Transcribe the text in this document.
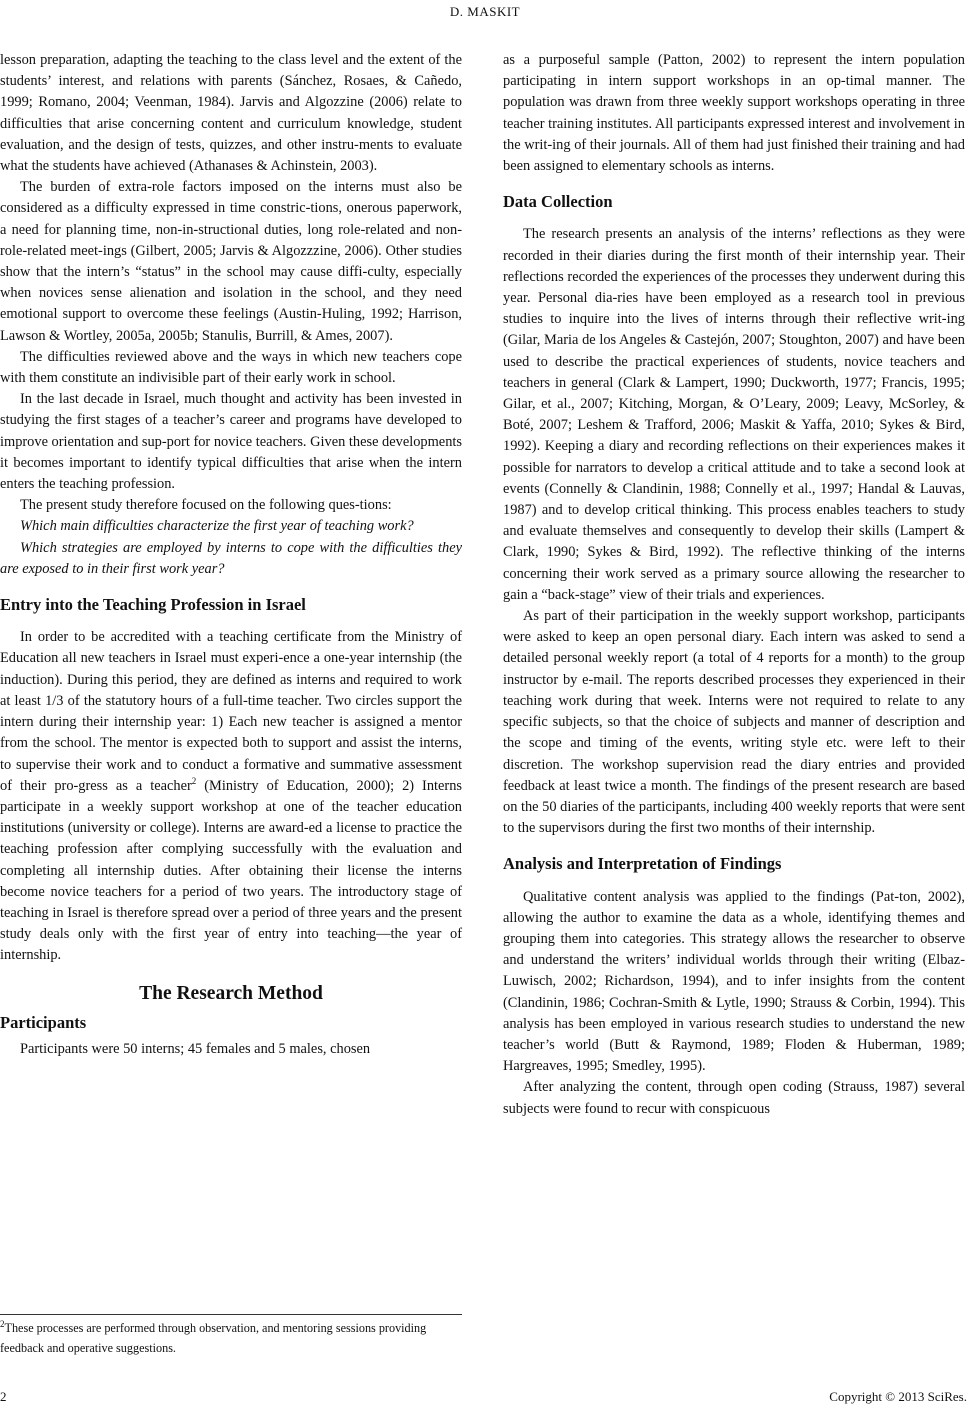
D. MASKIT

lesson preparation, adapting the teaching to the class level and the extent of the students’ interest, and relations with parents (Sánchez, Rosaes, & Cañedo, 1999; Romano, 2004; Veenman, 1984). Jarvis and Algozzine (2006) relate to difficulties that arise concerning content and curriculum knowledge, student evaluation, and the design of tests, quizzes, and other instru-ments to evaluate what the students have achieved (Athanases & Achinstein, 2003).

The burden of extra-role factors imposed on the interns must also be considered as a difficulty expressed in time constric-tions, onerous paperwork, a need for planning time, non-in-structional duties, long role-related and non-role-related meet-ings (Gilbert, 2005; Jarvis & Algozzzine, 2006). Other studies show that the intern’s “status” in the school may cause diffi-culty, especially when novices sense alienation and isolation in the school, and they need emotional support to overcome these feelings (Austin-Huling, 1992; Harrison, Lawson & Wortley, 2005a, 2005b; Stanulis, Burrill, & Ames, 2007).

The difficulties reviewed above and the ways in which new teachers cope with them constitute an indivisible part of their early work in school.

In the last decade in Israel, much thought and activity has been invested in studying the first stages of a teacher’s career and programs have developed to improve orientation and sup-port for novice teachers. Given these developments it becomes important to identify typical difficulties that arise when the intern enters the teaching profession.

The present study therefore focused on the following ques-tions:

Which main difficulties characterize the first year of teaching work?

Which strategies are employed by interns to cope with the difficulties they are exposed to in their first work year?

Entry into the Teaching Profession in Israel

In order to be accredited with a teaching certificate from the Ministry of Education all new teachers in Israel must experi-ence a one-year internship (the induction). During this period, they are defined as interns and required to work at least 1/3 of the statutory hours of a full-time teacher. Two circles support the intern during their internship year: 1) Each new teacher is assigned a mentor from the school. The mentor is expected both to support and assist the interns, to supervise their work and to conduct a formative and summative assessment of their pro-gress as a teacher$^2$ (Ministry of Education, 2000); 2) Interns participate in a weekly support workshop at one of the teacher education institutions (university or college). Interns are award-ed a license to practice the teaching profession after complying successfully with the evaluation and completing all internship duties. After obtaining their license the interns become novice teachers for a period of two years. The introductory stage of teaching in Israel is therefore spread over a period of three years and the present study deals only with the first year of entry into teaching—the year of internship.

The Research Method
Participants

Participants were 50 interns; 45 females and 5 males, chosen

as a purposeful sample (Patton, 2002) to represent the intern population participating in intern support workshops in an op-timal manner. The population was drawn from three weekly support workshops operating in three teacher training institutes. All participants expressed interest and involvement in the writ-ing of their journals. All of them had just finished their training and had been assigned to elementary schools as interns.

Data Collection

The research presents an analysis of the interns’ reflections as they were recorded in their diaries during the first month of their internship year. Their reflections recorded the experiences of the processes they underwent during this year. Personal dia-ries have been employed as a research tool in previous studies to inquire into the lives of interns through their reflective writ-ing (Gilar, Maria de los Angeles & Castejón, 2007; Stoughton, 2007) and have been used to describe the practical experiences of students, novice teachers and teachers in general (Clark & Lampert, 1990; Duckworth, 1977; Francis, 1995; Gilar, et al., 2007; Kitching, Morgan, & O’Leary, 2009; Leavy, McSorley, & Boté, 2007; Leshem & Trafford, 2006; Maskit & Yaffa, 2010; Sykes & Bird, 1992). Keeping a diary and recording reflections on their experiences makes it possible for narrators to develop a critical attitude and to take a second look at events (Connelly & Clandinin, 1988; Connelly et al., 1997; Handal & Lauvas, 1987) and to develop critical thinking. This process enables teachers to study and evaluate themselves and consequently to develop their skills (Lampert & Clark, 1990; Sykes & Bird, 1992). The reflective thinking of the interns concerning their work served as a primary source allowing the researcher to gain a “back-stage” view of their trials and experiences.

As part of their participation in the weekly support workshop, participants were asked to keep an open personal diary. Each intern was asked to send a detailed personal weekly report (a total of 4 reports for a month) to the group instructor by e-mail. The reports described processes they experienced in their teaching work during that week. Interns were not required to relate to any specific subjects, so that the choice of subjects and manner of description and the scope and timing of the events, writing style etc. were left to their discretion. The workshop supervision read the diary entries and provided feedback at least twice a month. The findings of the present research are based on the 50 diaries of the participants, including 400 weekly reports that were sent to the supervisors during the first two months of their internship.

Analysis and Interpretation of Findings

Qualitative content analysis was applied to the findings (Pat-ton, 2002), allowing the author to examine the data as a whole, identifying themes and grouping them into categories. This strategy allows the researcher to observe and understand the writers’ individual worlds through their writing (Elbaz-Luwisch, 2002; Richardson, 1994), and to infer insights from the content (Clandinin, 1986; Cochran-Smith & Lytle, 1990; Strauss & Corbin, 1994). This analysis has been employed in various research studies to understand the new teacher’s world (Butt & Raymond, 1989; Floden & Huberman, 1989; Hargreaves, 1995; Smedley, 1995).

After analyzing the content, through open coding (Strauss, 1987) several subjects were found to recur with conspicuous

$^2$These processes are performed through observation, and mentoring sessions providing feedback and operative suggestions.
2	Copyright © 2013 SciRes.
